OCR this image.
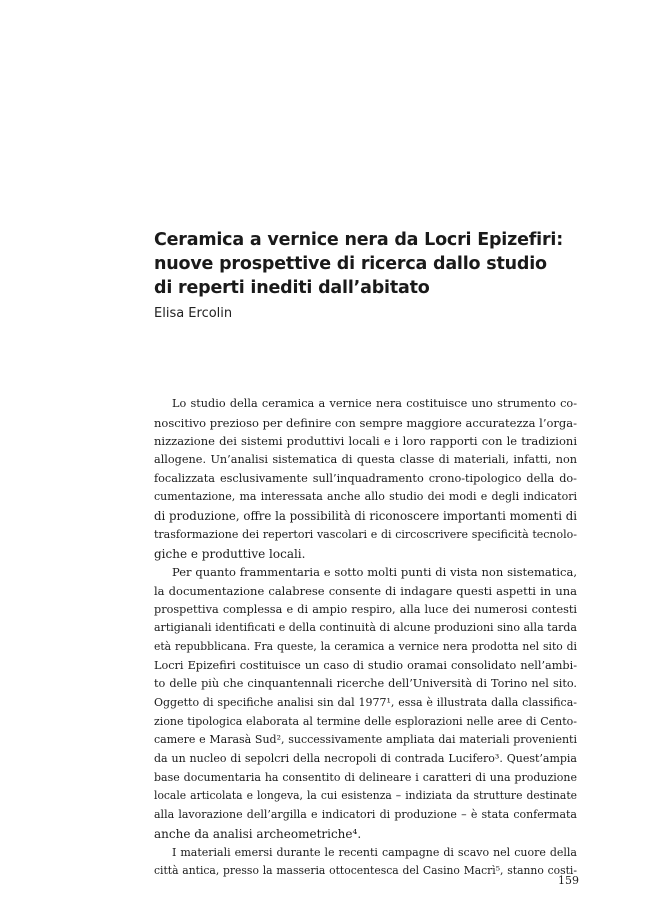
Ceramica a vernice nera da Locri Epizefiri:
nuove prospettive di ricerca dallo studio
di reperti inediti dall’abitato
Elisa Ercolin
Lo studio della ceramica a vernice nera costituisce uno strumento co-
noscitivo prezioso per definire con sempre maggiore accuratezza l’orga-
nizzazione dei sistemi produttivi locali e i loro rapporti con le tradizioni
allogene. Un’analisi sistematica di questa classe di materiali, infatti, non
focalizzata esclusivamente sull’inquadramento crono-tipologico della do-
cumentazione, ma interessata anche allo studio dei modi e degli indicatori
di produzione, offre la possibilità di riconoscere importanti momenti di
trasformazione dei repertori vascolari e di circoscrivere specificità tecnolo-
giche e produttive locali.
Per quanto frammentaria e sotto molti punti di vista non sistematica,
la documentazione calabrese consente di indagare questi aspetti in una
prospettiva complessa e di ampio respiro, alla luce dei numerosi contesti
artigianali identificati e della continuità di alcune produzioni sino alla tarda
età repubblicana. Fra queste, la ceramica a vernice nera prodotta nel sito di
Locri Epizefiri costituisce un caso di studio oramai consolidato nell’ambi-
to delle più che cinquantennali ricerche dell’Università di Torino nel sito.
Oggetto di specifiche analisi sin dal 1977¹, essa è illustrata dalla classifica-
zione tipologica elaborata al termine delle esplorazioni nelle aree di Cento-
camere e Marasà Sud², successivamente ampliata dai materiali provenienti
da un nucleo di sepolcri della necropoli di contrada Lucifero³. Quest’ampia
base documentaria ha consentito di delineare i caratteri di una produzione
locale articolata e longeva, la cui esistenza – indiziata da strutture destinate
alla lavorazione dell’argilla e indicatori di produzione – è stata confermata
anche da analisi archeometriche⁴.
I materiali emersi durante le recenti campagne di scavo nel cuore della
città antica, presso la masseria ottocentesca del Casino Macrì⁵, stanno costi-
159
